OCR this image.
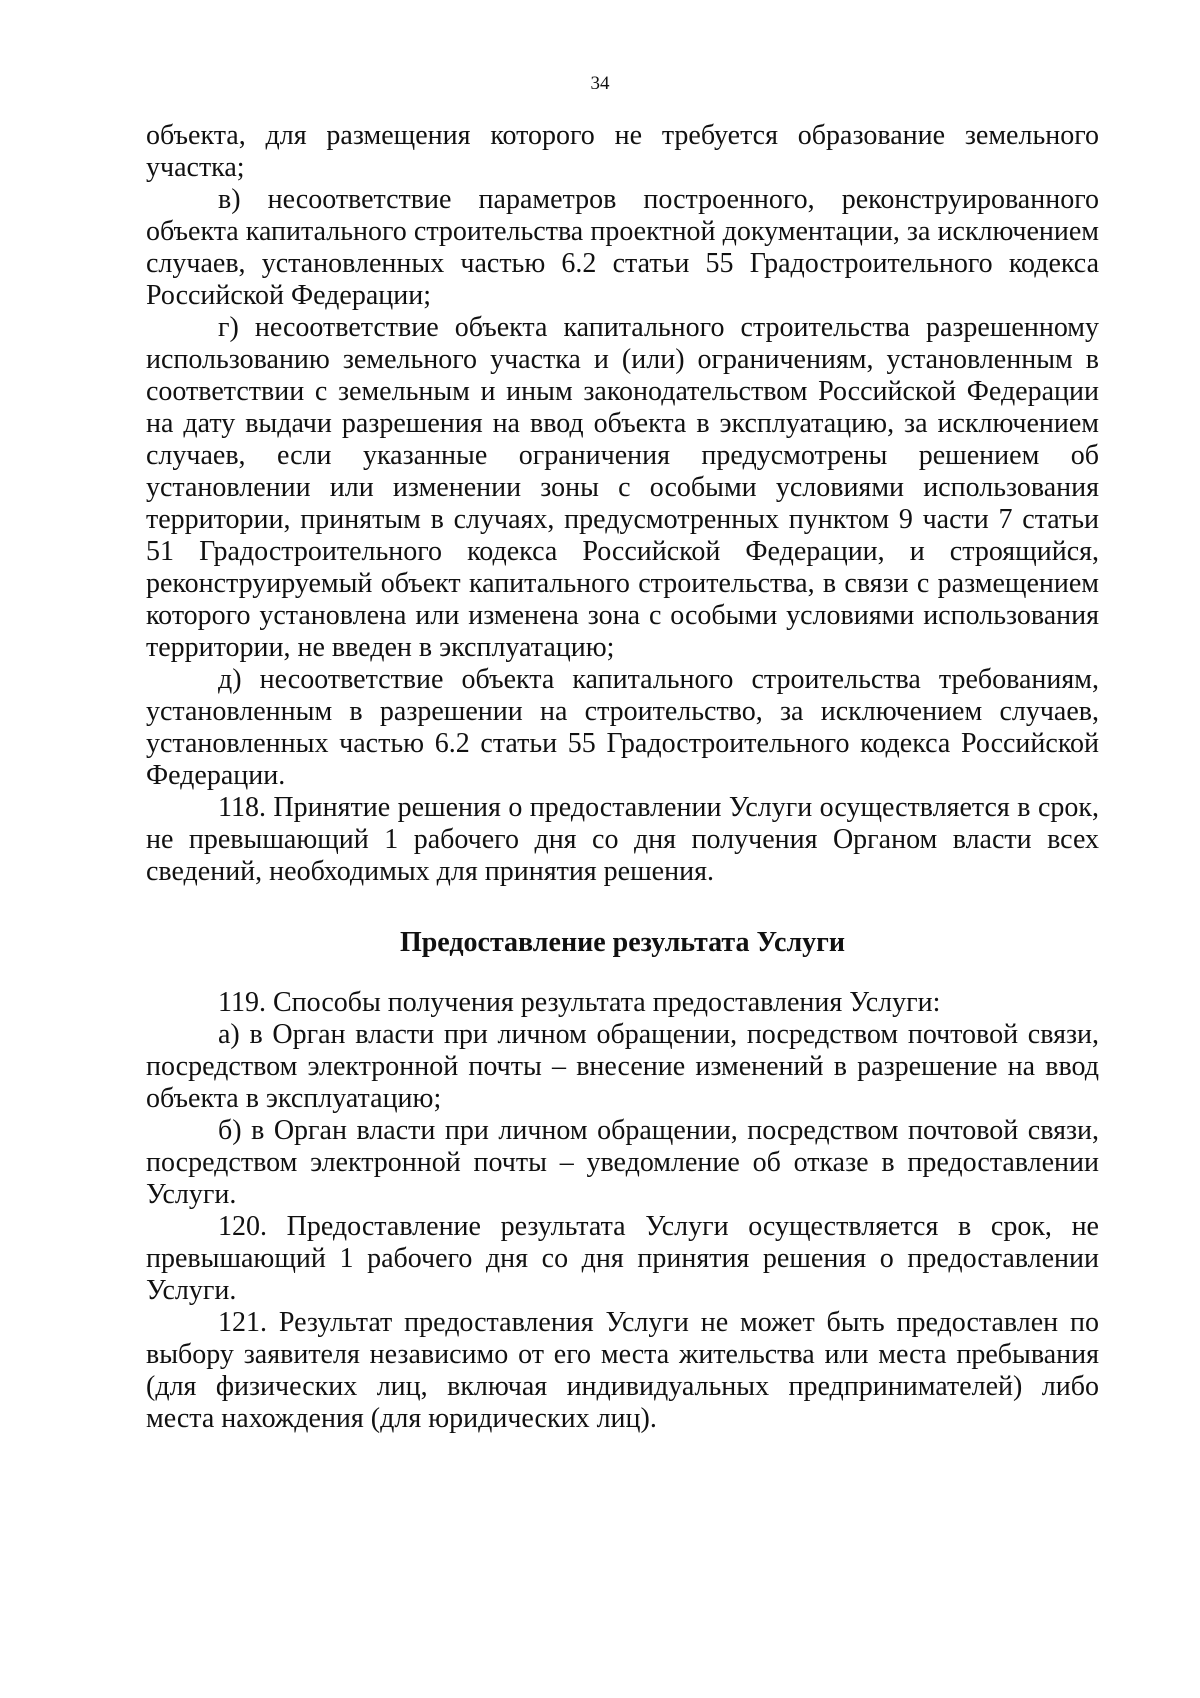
34

объекта, для размещения которого не требуется образование земельного участка;

в) несоответствие параметров построенного, реконструированного объекта капитального строительства проектной документации, за исключением случаев, установленных частью 6.2 статьи 55 Градостроительного кодекса Российской Федерации;

г) несоответствие объекта капитального строительства разрешенному использованию земельного участка и (или) ограничениям, установленным в соответствии с земельным и иным законодательством Российской Федерации на дату выдачи разрешения на ввод объекта в эксплуатацию, за исключением случаев, если указанные ограничения предусмотрены решением об установлении или изменении зоны с особыми условиями использования территории, принятым в случаях, предусмотренных пунктом 9 части 7 статьи 51 Градостроительного кодекса Российской Федерации, и строящийся, реконструируемый объект капитального строительства, в связи с размещением которого установлена или изменена зона с особыми условиями использования территории, не введен в эксплуатацию;

д) несоответствие объекта капитального строительства требованиям, установленным в разрешении на строительство, за исключением случаев, установленных частью 6.2 статьи 55 Градостроительного кодекса Российской Федерации.

118. Принятие решения о предоставлении Услуги осуществляется в срок, не превышающий 1 рабочего дня со дня получения Органом власти всех сведений, необходимых для принятия решения.

Предоставление результата Услуги

119. Способы получения результата предоставления Услуги:

а) в Орган власти при личном обращении, посредством почтовой связи, посредством электронной почты – внесение изменений в разрешение на ввод объекта в эксплуатацию;

б) в Орган власти при личном обращении, посредством почтовой связи, посредством электронной почты – уведомление об отказе в предоставлении Услуги.

120. Предоставление результата Услуги осуществляется в срок, не превышающий 1 рабочего дня со дня принятия решения о предоставлении Услуги.

121. Результат предоставления Услуги не может быть предоставлен по выбору заявителя независимо от его места жительства или места пребывания (для физических лиц, включая индивидуальных предпринимателей) либо места нахождения (для юридических лиц).
